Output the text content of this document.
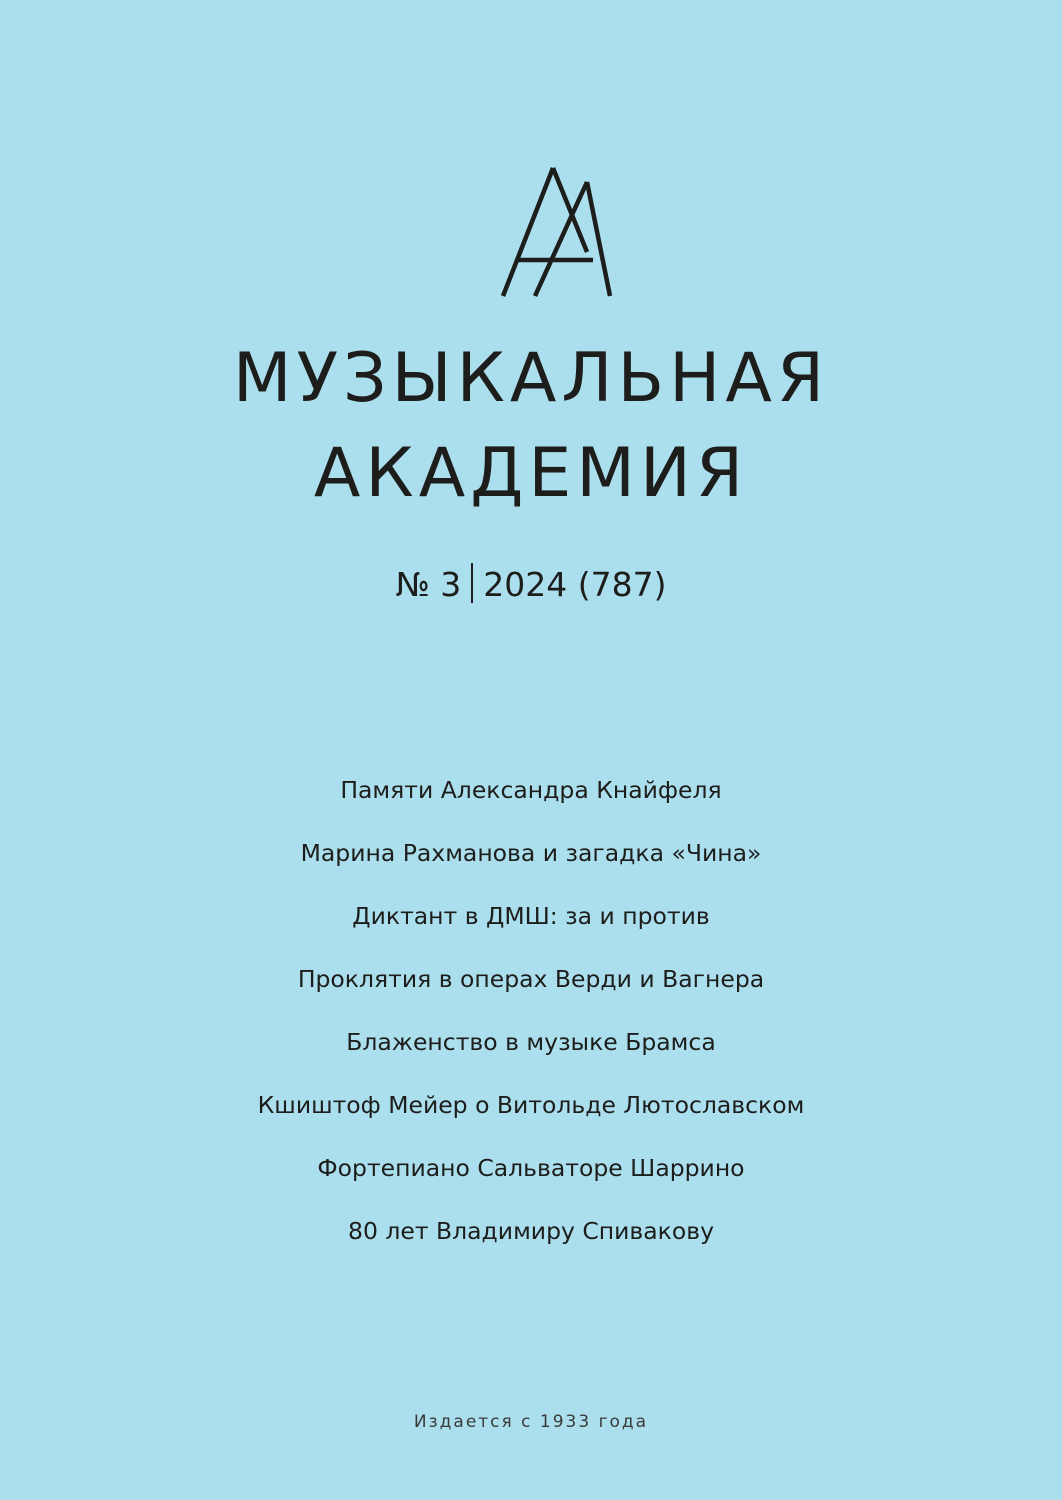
МУЗЫКАЛЬНАЯ
АКАДЕМИЯ
№ 3 2024 (787)
Памяти Александра Кнайфеля
Марина Рахманова и загадка «Чина»
Диктант в ДМШ: за и против
Проклятия в операх Верди и Вагнера
Блаженство в музыке Брамса
Кшиштоф Мейер о Витольде Лютославском
Фортепиано Сальваторе Шаррино
80 лет Владимиру Спивакову
Издается с 1933 года
